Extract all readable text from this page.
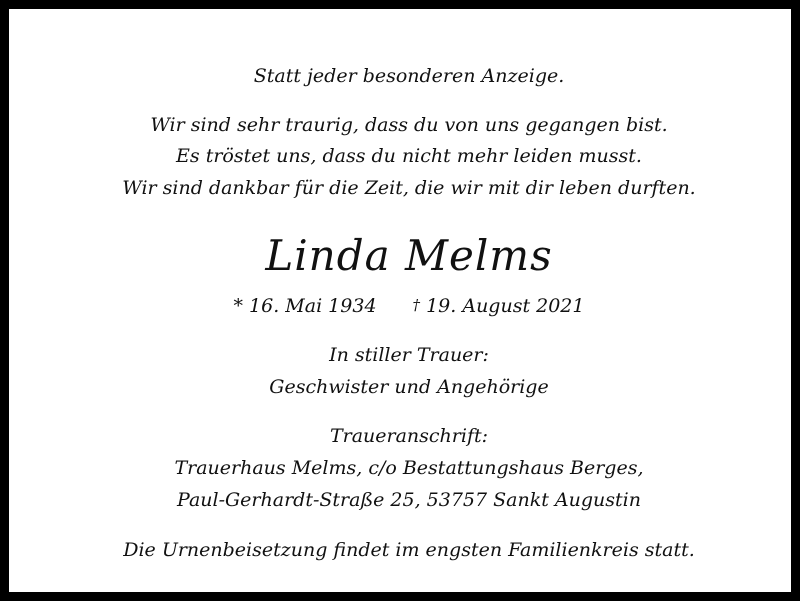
Statt jeder besonderen Anzeige.
Wir sind sehr traurig, dass du von uns gegangen bist.
Es tröstet uns, dass du nicht mehr leiden musst.
Wir sind dankbar für die Zeit, die wir mit dir leben durften.
Linda Melms
* 16. Mai 1934 † 19. August 2021
In stiller Trauer:
Geschwister und Angehörige
Traueranschrift:
Trauerhaus Melms, c/o Bestattungshaus Berges,
Paul-Gerhardt-Straße 25, 53757 Sankt Augustin
Die Urnenbeisetzung findet im engsten Familienkreis statt.
